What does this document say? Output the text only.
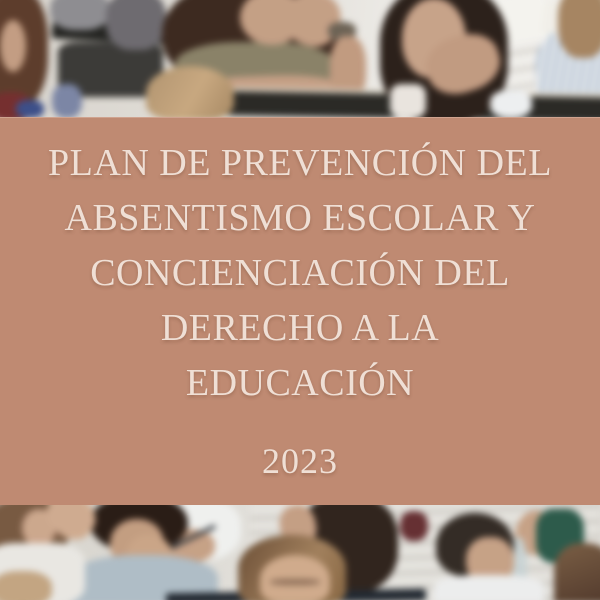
PLAN DE PREVENCIÓN DEL
ABSENTISMO ESCOLAR Y
CONCIENCIACIÓN DEL
DERECHO A LA
EDUCACIÓN
2023
